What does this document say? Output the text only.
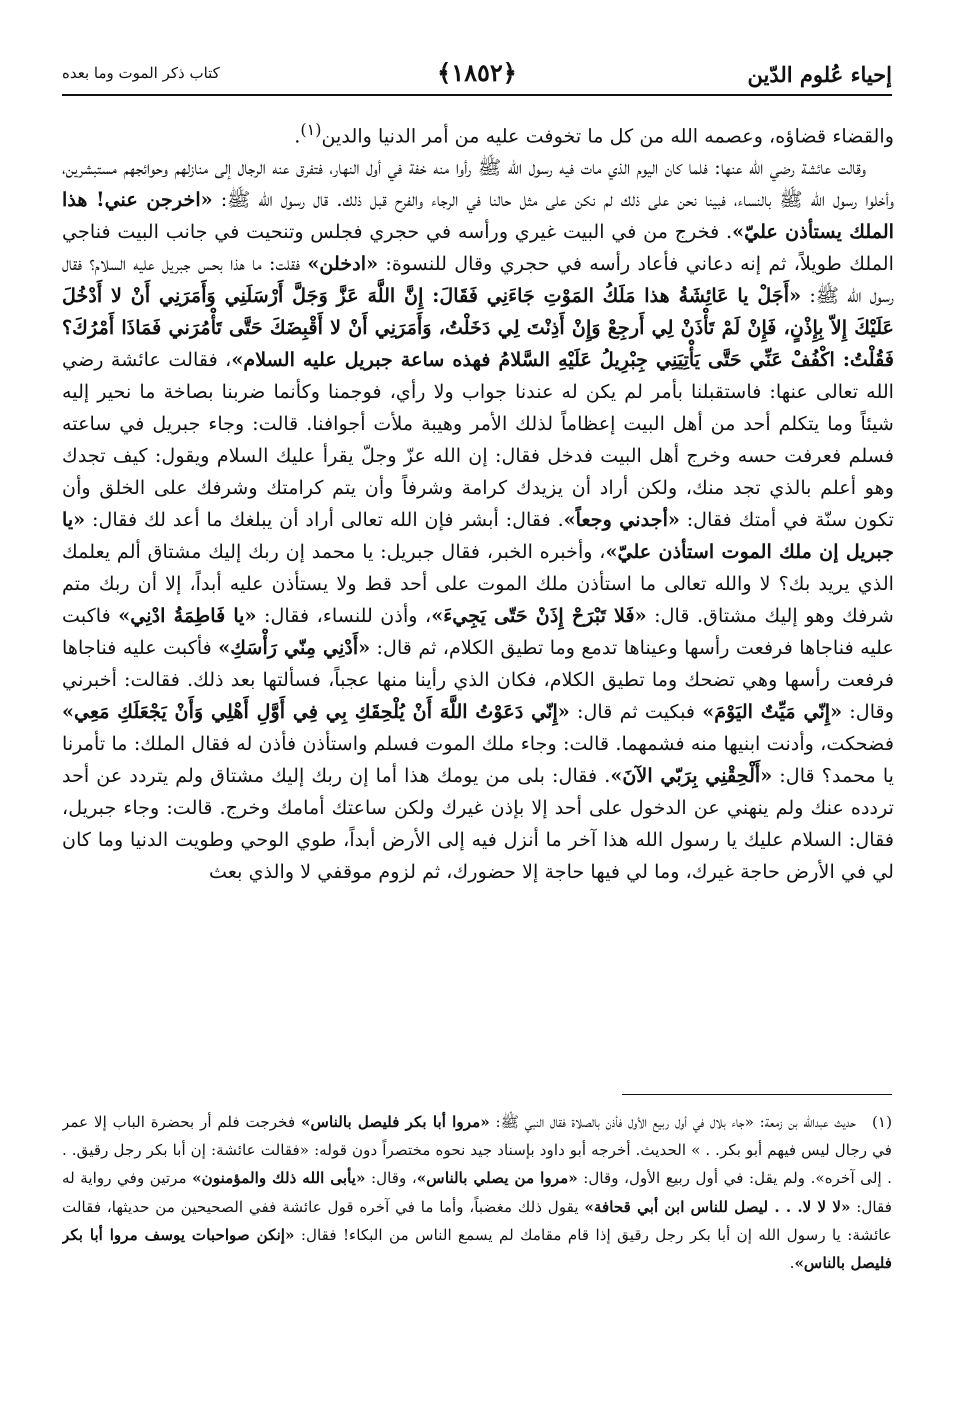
إحياء عُلوم الدّين
﴿١٨٥٢﴾
كتاب ذكر الموت وما بعده

والقضاء قضاؤه، وعصمه الله من كل ما تخوفت عليه من أمر الدنيا والدين$^{(١)}$.

وقالت عائشة رضي الله عنها: فلما كان اليوم الذي مات فيه رسول الله ﷺ رأوا منه خفة في أول النهار، فتفرق عنه الرجال إلى منازلهم وحوائجهم مستبشرين، وأخلوا رسول الله ﷺ بالنساء، فبينا نحن على ذلك لم نكن على مثل حالنا في الرجاء والفرح قبل ذلك. قال رسول الله ﷺ: «اخرجن عني! هذا الملك يستأذن عليّ». فخرج من في البيت غيري ورأسه في حجري فجلس وتنحيت في جانب البيت فناجي الملك طويلاً، ثم إنه دعاني فأعاد رأسه في حجري وقال للنسوة: «ادخلن» فقلت: ما هذا بحس جبريل عليه السلام؟ فقال رسول الله ﷺ: «أَجَلْ يا عَائِشَةُ هذا مَلَكُ المَوْتِ جَاءَنِي فَقَالَ: إِنَّ اللَّهَ عَزَّ وَجَلَّ أَرْسَلَنِي وَأَمَرَنِي أَنْ لا أَدْخُلَ عَلَيْكَ إِلاّ بِإِذْنٍ، فَإِنْ لَمْ تَأْذَنْ لِي أَرجِعْ وَإِنْ أَذِنْتَ لِي دَخَلْتُ، وَأَمَرَنِي أَنْ لا أَقْبِضَكَ حَتَّى تَأْمُرَني فَمَاذَا أَمْرُكَ؟ فَقُلْتُ: اكْفُفْ عَنِّي حَتَّى يَأْتِيَنِي جِبْرِيلُ عَلَيْهِ السَّلامُ فهذه ساعة جبريل عليه السلام»، فقالت عائشة رضي الله تعالى عنها: فاستقبلنا بأمر لم يكن له عندنا جواب ولا رأي، فوجمنا وكأنما ضربنا بصاخة ما نحير إليه شيئاً وما يتكلم أحد من أهل البيت إعظاماً لذلك الأمر وهيبة ملأت أجوافنا. قالت: وجاء جبريل في ساعته فسلم فعرفت حسه وخرج أهل البيت فدخل فقال: إن الله عزّ وجلّ يقرأ عليك السلام ويقول: كيف تجدك وهو أعلم بالذي تجد منك، ولكن أراد أن يزيدك كرامة وشرفاً وأن يتم كرامتك وشرفك على الخلق وأن تكون سنّة في أمتك فقال: «أجدني وجعاً». فقال: أبشر فإن الله تعالى أراد أن يبلغك ما أعد لك فقال: «يا جبريل إن ملك الموت استأذن عليّ»، وأخبره الخبر، فقال جبريل: يا محمد إن ربك إليك مشتاق ألم يعلمك الذي يريد بك؟ لا والله تعالى ما استأذن ملك الموت على أحد قط ولا يستأذن عليه أبداً، إلا أن ربك متم شرفك وهو إليك مشتاق. قال: «فَلا تَبْرَحْ إِذَنْ حَتّى يَجِيءَ»، وأذن للنساء، فقال: «يا فَاطِمَةُ ادْنِي» فاكبت عليه فناجاها فرفعت رأسها وعيناها تدمع وما تطيق الكلام، ثم قال: «أَدْنِي مِنّي رَأْسَكِ» فأكبت عليه فناجاها فرفعت رأسها وهي تضحك وما تطيق الكلام، فكان الذي رأينا منها عجباً، فسألتها بعد ذلك. فقالت: أخبرني وقال: «إِنّي مَيِّتٌ اليَوْمَ» فبكيت ثم قال: «إِنّي دَعَوْتُ اللَّهَ أَنْ يُلْحِقَكِ بِي فِي أَوَّلِ أَهْلِي وَأَنْ يَجْعَلَكِ مَعِي» فضحكت، وأدنت ابنيها منه فشمهما. قالت: وجاء ملك الموت فسلم واستأذن فأذن له فقال الملك: ما تأمرنا يا محمد؟ قال: «أَلْحِقْنِي بِرَبّي الآنَ». فقال: بلى من يومك هذا أما إن ربك إليك مشتاق ولم يتردد عن أحد تردده عنك ولم ينهني عن الدخول على أحد إلا بإذن غيرك ولكن ساعتك أمامك وخرج. قالت: وجاء جبريل، فقال: السلام عليك يا رسول الله هذا آخر ما أنزل فيه إلى الأرض أبداً، طوي الوحي وطويت الدنيا وما كان لي في الأرض حاجة غيرك، وما لي فيها حاجة إلا حضورك، ثم لزوم موقفي لا والذي بعث

(١)حديث عبدالله بن زمعة: «جاء بلال في أول ربيع الأول فأذن بالصلاة فقال النبي ﷺ: «مروا أبا بكر فليصل بالناس» فخرجت فلم أر بحضرة الباب إلا عمر في رجال ليس فيهم أبو بكر. . » الحديث. أخرجه أبو داود بإسناد جيد نحوه مختصراً دون قوله: «فقالت عائشة: إن أبا بكر رجل رقيق. . . إلى آخره». ولم يقل: في أول ربيع الأول، وقال: «مروا من يصلي بالناس»، وقال: «يأبى الله ذلك والمؤمنون» مرتين وفي رواية له فقال: «لا لا لا. . . ليصل للناس ابن أبي قحافة» يقول ذلك مغضباً، وأما ما في آخره قول عائشة ففي الصحيحين من حديثها، فقالت عائشة: يا رسول الله إن أبا بكر رجل رقيق إذا قام مقامك لم يسمع الناس من البكاء! فقال: «إنكن صواحبات يوسف مروا أبا بكر فليصل بالناس».
